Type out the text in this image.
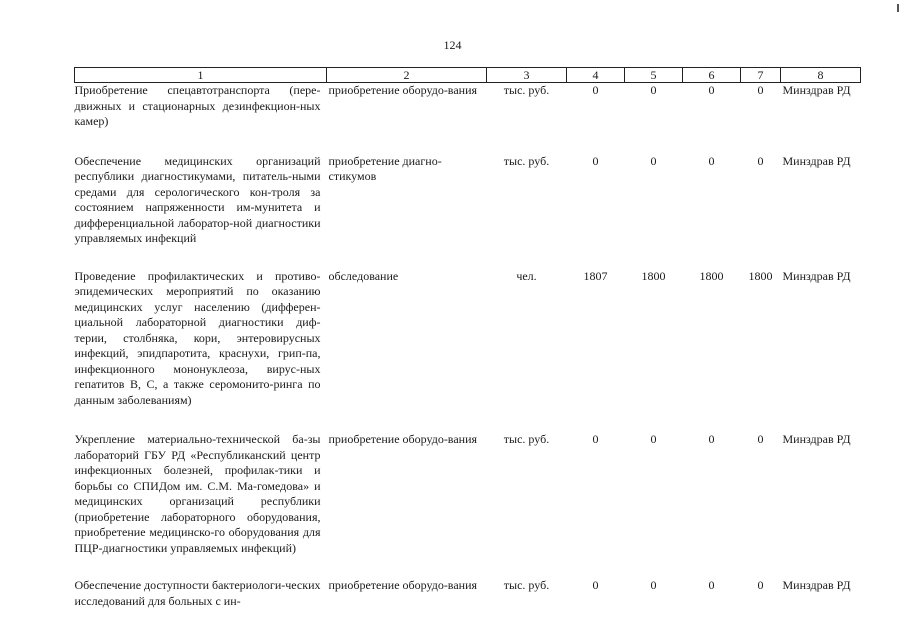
124
1	2	3	4	5	6	7	8
Приобретение спецавтотранспорта (пере-движных и стационарных дезинфекцион-ных камер)	приобретение оборудо-вания	тыс. руб.	0	0	0	0	Минздрав РД

Обеспечение медицинских организаций республики диагностикумами, питатель-ными средами для серологического кон-троля за состоянием напряженности им-мунитета и дифференциальной лаборатор-ной диагностики управляемых инфекций	приобретение диагно-стикумов	тыс. руб.	0	0	0	0	Минздрав РД

Проведение профилактических и противо-эпидемических мероприятий по оказанию медицинских услуг населению (дифферен-циальной лабораторной диагностики диф-терии, столбняка, кори, энтеровирусных инфекций, эпидпаротита, краснухи, грип-па, инфекционного мононуклеоза, вирус-ных гепатитов В, С, а также серомонито-ринга по данным заболеваниям)	обследование	чел.	1807	1800	1800	1800	Минздрав РД

Укрепление материально-технической ба-зы лабораторий ГБУ РД «Республиканский центр инфекционных болезней, профилак-тики и борьбы со СПИДом им. С.М. Ма-гомедова» и медицинских организаций республики (приобретение лабораторного оборудования, приобретение медицинско-го оборудования для ПЦР-диагностики управляемых инфекций)	приобретение оборудо-вания	тыс. руб.	0	0	0	0	Минздрав РД

Обеспечение доступности бактериологи-ческих исследований для больных с ин-	приобретение оборудо-вания	тыс. руб.	0	0	0	0	Минздрав РД
